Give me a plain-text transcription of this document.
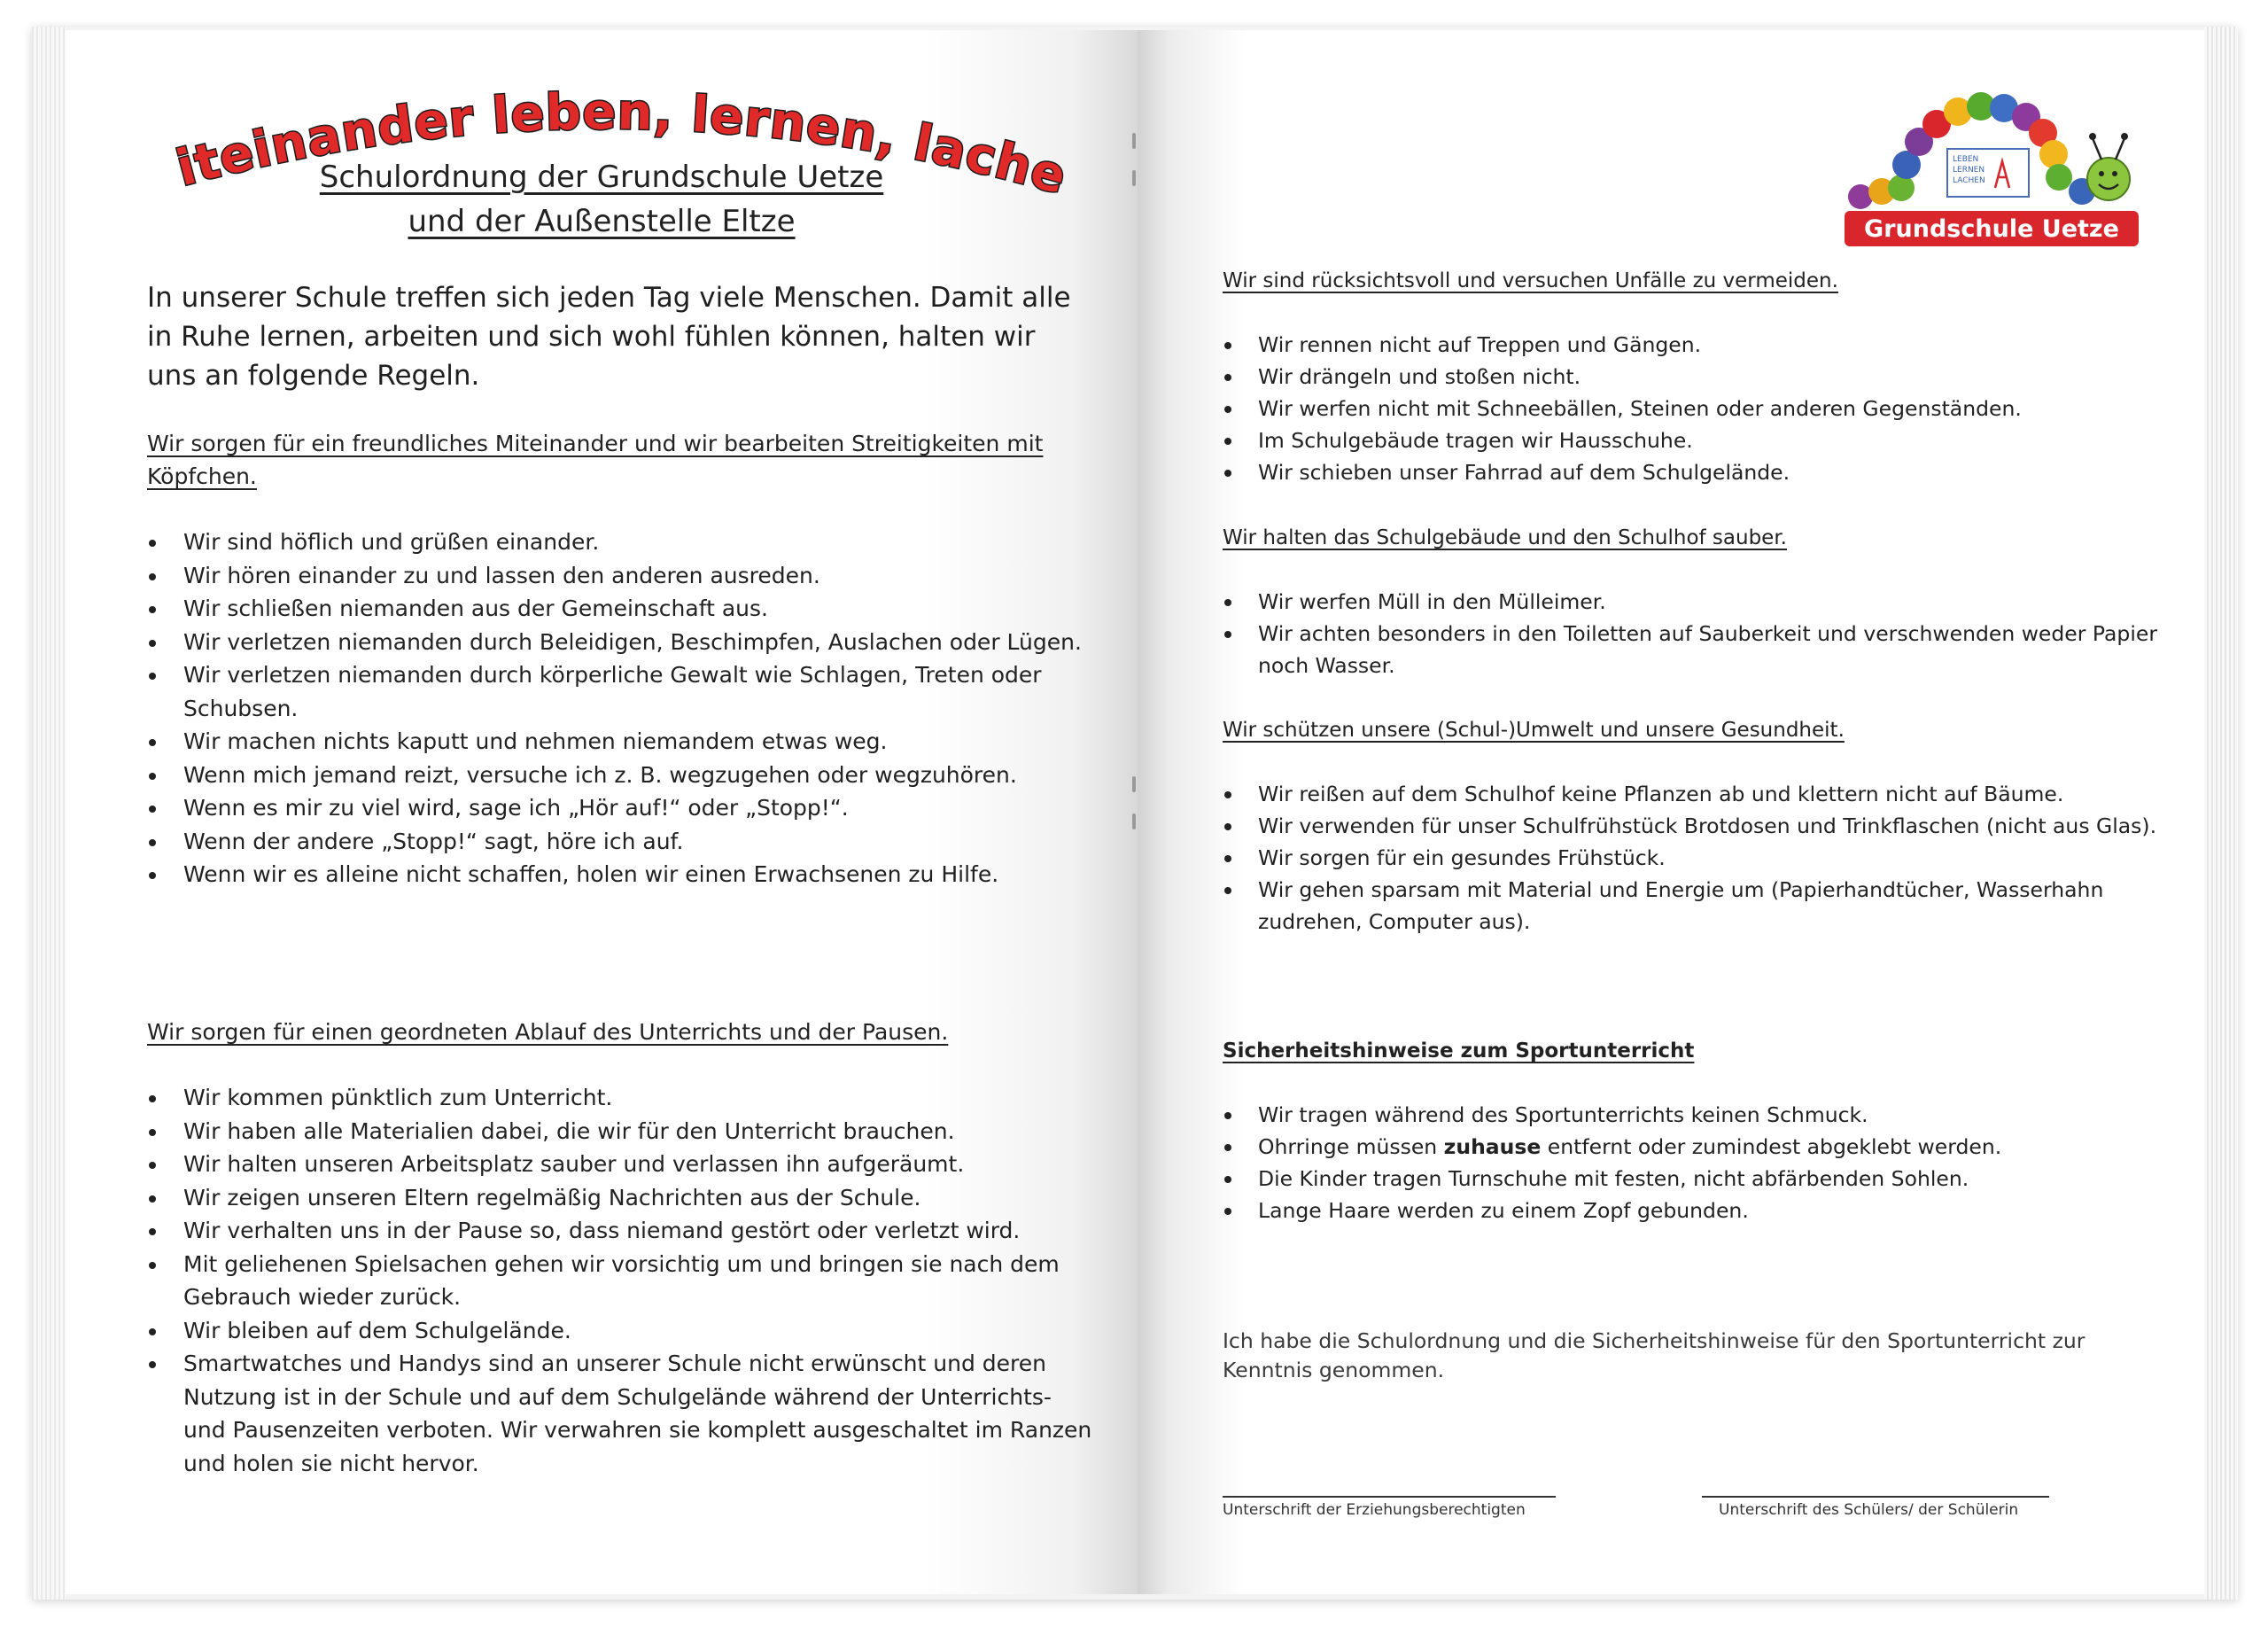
Miteinander leben, lernen, lachen
Schulordnung der Grundschule Uetze
und der Außenstelle Eltze
In unserer Schule treffen sich jeden Tag viele Menschen. Damit alle in Ruhe lernen, arbeiten und sich wohl fühlen können, halten wir uns an folgende Regeln.

Wir sorgen für ein freundliches Miteinander und wir bearbeiten Streitigkeiten mit Köpfchen.

Wir sind höflich und grüßen einander.
Wir hören einander zu und lassen den anderen ausreden.
Wir schließen niemanden aus der Gemeinschaft aus.
Wir verletzen niemanden durch Beleidigen, Beschimpfen, Auslachen oder Lügen.
Wir verletzen niemanden durch körperliche Gewalt wie Schlagen, Treten oder Schubsen.
Wir machen nichts kaputt und nehmen niemandem etwas weg.
Wenn mich jemand reizt, versuche ich z. B. wegzugehen oder wegzuhören.
Wenn es mir zu viel wird, sage ich „Hör auf!“ oder „Stopp!“.
Wenn der andere „Stopp!“ sagt, höre ich auf.
Wenn wir es alleine nicht schaffen, holen wir einen Erwachsenen zu Hilfe.

Wir sorgen für einen geordneten Ablauf des Unterrichts und der Pausen.

Wir kommen pünktlich zum Unterricht.
Wir haben alle Materialien dabei, die wir für den Unterricht brauchen.
Wir halten unseren Arbeitsplatz sauber und verlassen ihn aufgeräumt.
Wir zeigen unseren Eltern regelmäßig Nachrichten aus der Schule.
Wir verhalten uns in der Pause so, dass niemand gestört oder verletzt wird.
Mit geliehenen Spielsachen gehen wir vorsichtig um und bringen sie nach dem Gebrauch wieder zurück.
Wir bleiben auf dem Schulgelände.
Smartwatches und Handys sind an unserer Schule nicht erwünscht und deren Nutzung ist in der Schule und auf dem Schulgelände während der Unterrichts- und Pausenzeiten verboten. Wir verwahren sie komplett ausgeschaltet im Ranzen und holen sie nicht hervor.
LEBEN
LERNEN
LACHEN
Grundschule Uetze

Wir sind rücksichtsvoll und versuchen Unfälle zu vermeiden.

Wir rennen nicht auf Treppen und Gängen.
Wir drängeln und stoßen nicht.
Wir werfen nicht mit Schneebällen, Steinen oder anderen Gegenständen.
Im Schulgebäude tragen wir Hausschuhe.
Wir schieben unser Fahrrad auf dem Schulgelände.

Wir halten das Schulgebäude und den Schulhof sauber.

Wir werfen Müll in den Mülleimer.
Wir achten besonders in den Toiletten auf Sauberkeit und verschwenden weder Papier noch Wasser.

Wir schützen unsere (Schul-)Umwelt und unsere Gesundheit.

Wir reißen auf dem Schulhof keine Pflanzen ab und klettern nicht auf Bäume.
Wir verwenden für unser Schulfrühstück Brotdosen und Trinkflaschen (nicht aus Glas).
Wir sorgen für ein gesundes Frühstück.
Wir gehen sparsam mit Material und Energie um (Papierhandtücher, Wasserhahn zudrehen, Computer aus).

Sicherheitshinweise zum Sportunterricht

Wir tragen während des Sportunterrichts keinen Schmuck.
Ohrringe müssen zuhause entfernt oder zumindest abgeklebt werden.
Die Kinder tragen Turnschuhe mit festen, nicht abfärbenden Sohlen.
Lange Haare werden zu einem Zopf gebunden.
Ich habe die Schulordnung und die Sicherheitshinweise für den Sportunterricht zur Kenntnis genommen.
Unterschrift der Erziehungsberechtigten	Unterschrift des Schülers/ der Schülerin
